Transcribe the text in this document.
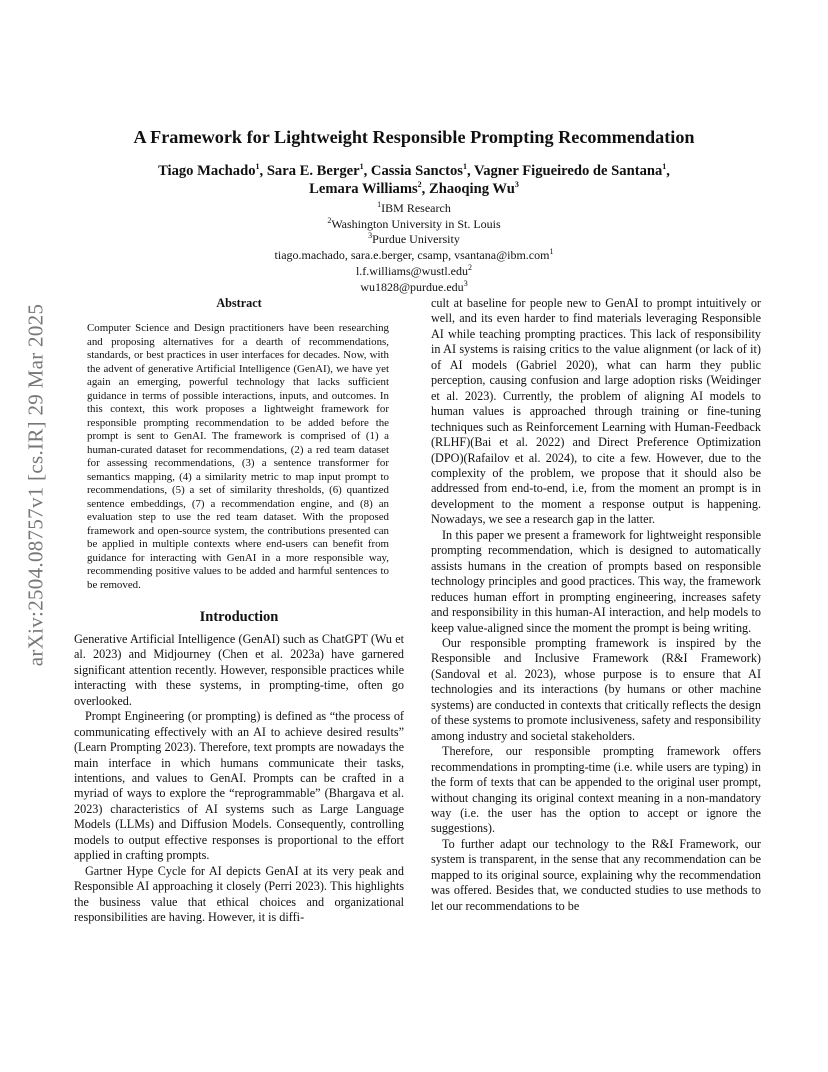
arXiv:2504.08757v1 [cs.IR] 29 Mar 2025
A Framework for Lightweight Responsible Prompting Recommendation
Tiago Machado$^1$, Sara E. Berger$^1$, Cassia Sanctos$^1$, Vagner Figueiredo de Santana$^1$,
Lemara Williams$^2$, Zhaoqing Wu$^3$
$^1$IBM Research
$^2$Washington University in St. Louis
$^3$Purdue University
tiago.machado, sara.e.berger, csamp, vsantana@ibm.com$^1$
l.f.williams@wustl.edu$^2$
wu1828@purdue.edu$^3$
Abstract

Computer Science and Design practitioners have been researching and proposing alternatives for a dearth of recommendations, standards, or best practices in user interfaces for decades. Now, with the advent of generative Artificial Intelligence (GenAI), we have yet again an emerging, powerful technology that lacks sufficient guidance in terms of possible interactions, inputs, and outcomes. In this context, this work proposes a lightweight framework for responsible prompting recommendation to be added before the prompt is sent to GenAI. The framework is comprised of (1) a human-curated dataset for recommendations, (2) a red team dataset for assessing recommendations, (3) a sentence transformer for semantics mapping, (4) a similarity metric to map input prompt to recommendations, (5) a set of similarity thresholds, (6) quantized sentence embeddings, (7) a recommendation engine, and (8) an evaluation step to use the red team dataset. With the proposed framework and open-source system, the contributions presented can be applied in multiple contexts where end-users can benefit from guidance for interacting with GenAI in a more responsible way, recommending positive values to be added and harmful sentences to be removed.

Introduction

Generative Artificial Intelligence (GenAI) such as ChatGPT (Wu et al. 2023) and Midjourney (Chen et al. 2023a) have garnered significant attention recently. However, responsible practices while interacting with these systems, in prompting-time, often go overlooked.

Prompt Engineering (or prompting) is defined as “the process of communicating effectively with an AI to achieve desired results” (Learn Prompting 2023). Therefore, text prompts are nowadays the main interface in which humans communicate their tasks, intentions, and values to GenAI. Prompts can be crafted in a myriad of ways to explore the “reprogrammable” (Bhargava et al. 2023) characteristics of AI systems such as Large Language Models (LLMs) and Diffusion Models. Consequently, controlling models to output effective responses is proportional to the effort applied in crafting prompts.

Gartner Hype Cycle for AI depicts GenAI at its very peak and Responsible AI approaching it closely (Perri 2023). This highlights the business value that ethical choices and organizational responsibilities are having. However, it is diffi-

cult at baseline for people new to GenAI to prompt intuitively or well, and its even harder to find materials leveraging Responsible AI while teaching prompting practices. This lack of responsibility in AI systems is raising critics to the value alignment (or lack of it) of AI models (Gabriel 2020), what can harm they public perception, causing confusion and large adoption risks (Weidinger et al. 2023). Currently, the problem of aligning AI models to human values is approached through training or fine-tuning techniques such as Reinforcement Learning with Human-Feedback (RLHF)(Bai et al. 2022) and Direct Preference Optimization (DPO)(Rafailov et al. 2024), to cite a few. However, due to the complexity of the problem, we propose that it should also be addressed from end-to-end, i.e, from the moment an prompt is in development to the moment a response output is happening. Nowadays, we see a research gap in the latter.

In this paper we present a framework for lightweight responsible prompting recommendation, which is designed to automatically assists humans in the creation of prompts based on responsible technology principles and good practices. This way, the framework reduces human effort in prompting engineering, increases safety and responsibility in this human-AI interaction, and help models to keep value-aligned since the moment the prompt is being writing.

Our responsible prompting framework is inspired by the Responsible and Inclusive Framework (R&I Framework) (Sandoval et al. 2023), whose purpose is to ensure that AI technologies and its interactions (by humans or other machine systems) are conducted in contexts that critically reflects the design of these systems to promote inclusiveness, safety and responsibility among industry and societal stakeholders.

Therefore, our responsible prompting framework offers recommendations in prompting-time (i.e. while users are typing) in the form of texts that can be appended to the original user prompt, without changing its original context meaning in a non-mandatory way (i.e. the user has the option to accept or ignore the suggestions).

To further adapt our technology to the R&I Framework, our system is transparent, in the sense that any recommendation can be mapped to its original source, explaining why the recommendation was offered. Besides that, we conducted studies to use methods to let our recommendations to be
